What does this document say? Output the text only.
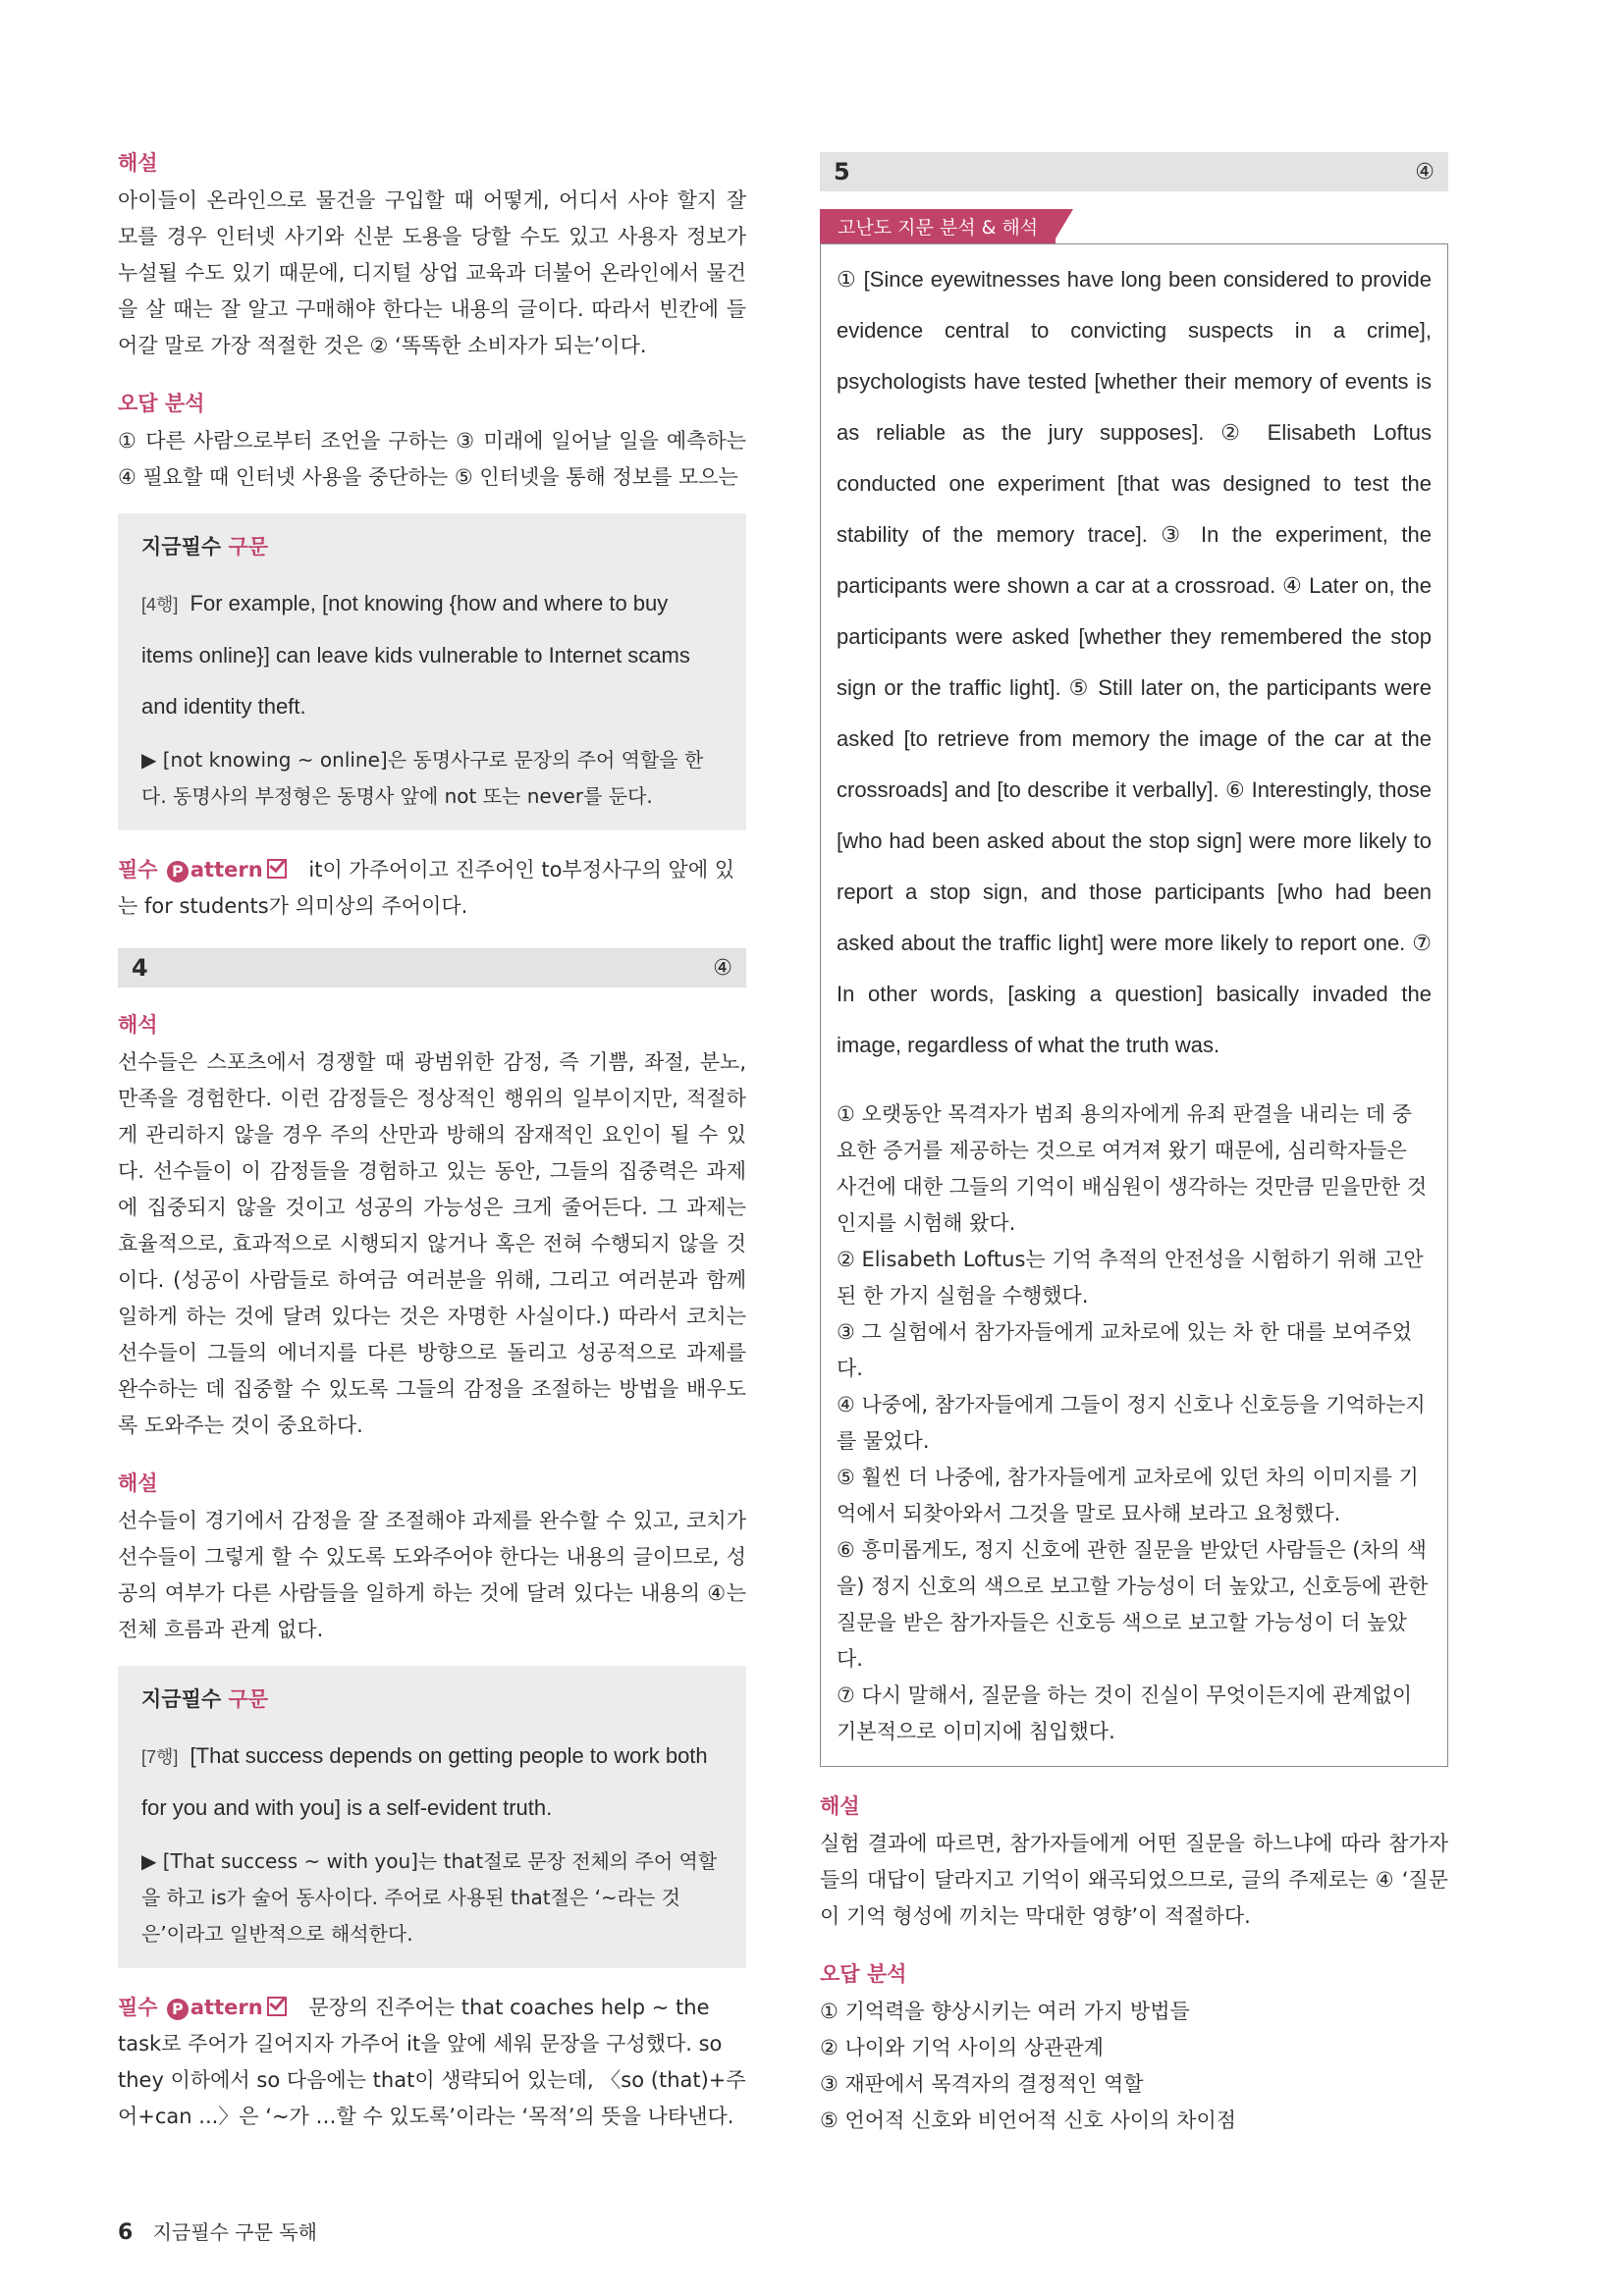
해설

아이들이 온라인으로 물건을 구입할 때 어떻게, 어디서 사야 할지 잘 모를 경우 인터넷 사기와 신분 도용을 당할 수도 있고 사용자 정보가 누설될 수도 있기 때문에, 디지털 상업 교육과 더불어 온라인에서 물건을 살 때는 잘 알고 구매해야 한다는 내용의 글이다. 따라서 빈칸에 들어갈 말로 가장 적절한 것은 ② ‘똑똑한 소비자가 되는’이다.

오답 분석

① 다른 사람으로부터 조언을 구하는 ③ 미래에 일어날 일을 예측하는 ④ 필요할 때 인터넷 사용을 중단하는 ⑤ 인터넷을 통해 정보를 모으는

지금필수 구문

[4행] For example, [not knowing {how and where to buy items online}] can leave kids vulnerable to Internet scams and identity theft.

▶ [not knowing ~ online]은 동명사구로 문장의 주어 역할을 한다. 동명사의 부정형은 동명사 앞에 not 또는 never를 둔다.

필수 P attern it이 가주어이고 진주어인 to부정사구의 앞에 있는 for students가 의미상의 주어이다.

4	④
해석

선수들은 스포츠에서 경쟁할 때 광범위한 감정, 즉 기쁨, 좌절, 분노, 만족을 경험한다. 이런 감정들은 정상적인 행위의 일부이지만, 적절하게 관리하지 않을 경우 주의 산만과 방해의 잠재적인 요인이 될 수 있다. 선수들이 이 감정들을 경험하고 있는 동안, 그들의 집중력은 과제에 집중되지 않을 것이고 성공의 가능성은 크게 줄어든다. 그 과제는 효율적으로, 효과적으로 시행되지 않거나 혹은 전혀 수행되지 않을 것이다. (성공이 사람들로 하여금 여러분을 위해, 그리고 여러분과 함께 일하게 하는 것에 달려 있다는 것은 자명한 사실이다.) 따라서 코치는 선수들이 그들의 에너지를 다른 방향으로 돌리고 성공적으로 과제를 완수하는 데 집중할 수 있도록 그들의 감정을 조절하는 방법을 배우도록 도와주는 것이 중요하다.

해설

선수들이 경기에서 감정을 잘 조절해야 과제를 완수할 수 있고, 코치가 선수들이 그렇게 할 수 있도록 도와주어야 한다는 내용의 글이므로, 성공의 여부가 다른 사람들을 일하게 하는 것에 달려 있다는 내용의 ④는 전체 흐름과 관계 없다.

지금필수 구문

[7행] [That success depends on getting people to work both for you and with you] is a self-evident truth.

▶ [That success ~ with you]는 that절로 문장 전체의 주어 역할을 하고 is가 술어 동사이다. 주어로 사용된 that절은 ‘~라는 것은’이라고 일반적으로 해석한다.

필수 P attern 문장의 진주어는 that coaches help ~ the task로 주어가 길어지자 가주어 it을 앞에 세워 문장을 구성했다. so they 이하에서 so 다음에는 that이 생략되어 있는데, 〈so (that)+주어+can ...〉은 ‘~가 …할 수 있도록’이라는 ‘목적’의 뜻을 나타낸다.

5	④
고난도 지문 분석 & 해석

① [Since eyewitnesses have long been considered to provide evidence central to convicting suspects in a crime], psychologists have tested [whether their memory of events is as reliable as the jury supposes]. ② Elisabeth Loftus conducted one experiment [that was designed to test the stability of the memory trace]. ③ In the experiment, the participants were shown a car at a crossroad. ④ Later on, the participants were asked [whether they remembered the stop sign or the traffic light]. ⑤ Still later on, the participants were asked [to retrieve from memory the image of the car at the crossroads] and [to describe it verbally]. ⑥ Interestingly, those [who had been asked about the stop sign] were more likely to report a stop sign, and those participants [who had been asked about the traffic light] were more likely to report one. ⑦ In other words, [asking a question] basically invaded the image, regardless of what the truth was.

① 오랫동안 목격자가 범죄 용의자에게 유죄 판결을 내리는 데 중요한 증거를 제공하는 것으로 여겨져 왔기 때문에, 심리학자들은 사건에 대한 그들의 기억이 배심원이 생각하는 것만큼 믿을만한 것인지를 시험해 왔다.

② Elisabeth Loftus는 기억 추적의 안전성을 시험하기 위해 고안된 한 가지 실험을 수행했다.

③ 그 실험에서 참가자들에게 교차로에 있는 차 한 대를 보여주었다.

④ 나중에, 참가자들에게 그들이 정지 신호나 신호등을 기억하는지를 물었다.

⑤ 훨씬 더 나중에, 참가자들에게 교차로에 있던 차의 이미지를 기억에서 되찾아와서 그것을 말로 묘사해 보라고 요청했다.

⑥ 흥미롭게도, 정지 신호에 관한 질문을 받았던 사람들은 (차의 색을) 정지 신호의 색으로 보고할 가능성이 더 높았고, 신호등에 관한 질문을 받은 참가자들은 신호등 색으로 보고할 가능성이 더 높았다.

⑦ 다시 말해서, 질문을 하는 것이 진실이 무엇이든지에 관계없이 기본적으로 이미지에 침입했다.

해설

실험 결과에 따르면, 참가자들에게 어떤 질문을 하느냐에 따라 참가자들의 대답이 달라지고 기억이 왜곡되었으므로, 글의 주제로는 ④ ‘질문이 기억 형성에 끼치는 막대한 영향’이 적절하다.

오답 분석

① 기억력을 향상시키는 여러 가지 방법들

② 나이와 기억 사이의 상관관계

③ 재판에서 목격자의 결정적인 역할

⑤ 언어적 신호와 비언어적 신호 사이의 차이점

6 지금필수 구문 독해
